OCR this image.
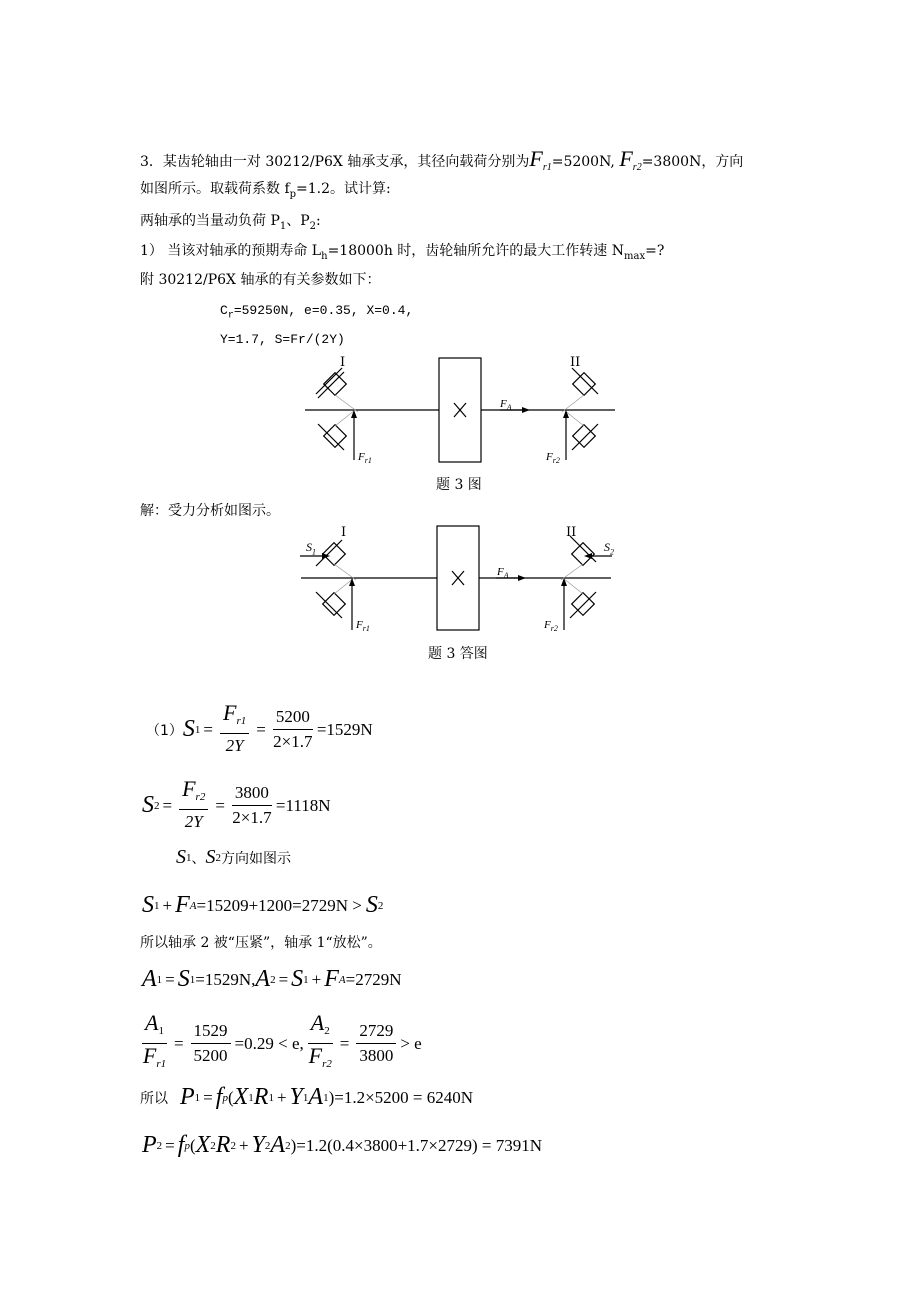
3．某齿轮轴由一对 30212/P6X 轴承支承，其径向载荷分别为$F_{r1}=5200N$, $F_{r2}=3800N$，方向
如图所示。取载荷系数 $f_p=1.2$。试计算:
两轴承的当量动负荷 $P_1$、$P_2$:
1） 当该对轴承的预期寿命 $L_h=18000h$ 时，齿轮轴所允许的最大工作转速 $N_{max}=$?
附 30212/P6X 轴承的有关参数如下：
$C_r=59250N$, e=0.35, X=0.4,
Y=1.7, S=Fr/(2Y)
I	II
$F_A$
$F_{r1}$	$F_{r2}$
题 3 图
解：受力分析如图示。
I	II
$S_1$	$S_2$
$F_A$
$F_{r1}$	$F_{r2}$
题 3 答图
（1） S $1 = \frac{F_{r1}}{2Y} = \frac{5200}{2\times 1.7} =1529N$
S $2 = \frac{F_{r2}}{2Y} = \frac{3800}{2\times 1.7} =1118N$
S 1 、 S 2 方向如图示
S 1 + F A =15209+1200=2729N > S 2
所以轴承 2 被“压紧”，轴承 1“放松”。
A 1 = S 1 =1529N, A 2 = S 1 + F A =2729N
$\frac{A_1}{F_{r1}} = \frac{1529}{5200} =0.29 < e$, $\frac{A_2}{F_{r2}} = \frac{2729}{3800} > e$
所以 P 1 = f p ( X 1 R 1 + Y 1 A 1 ) =1.2×5200 = 6240N
P 2 = f p ( X 2 R 2 + Y 2 A 2 ) =1.2(0.4×3800+1.7×2729) = 7391N
